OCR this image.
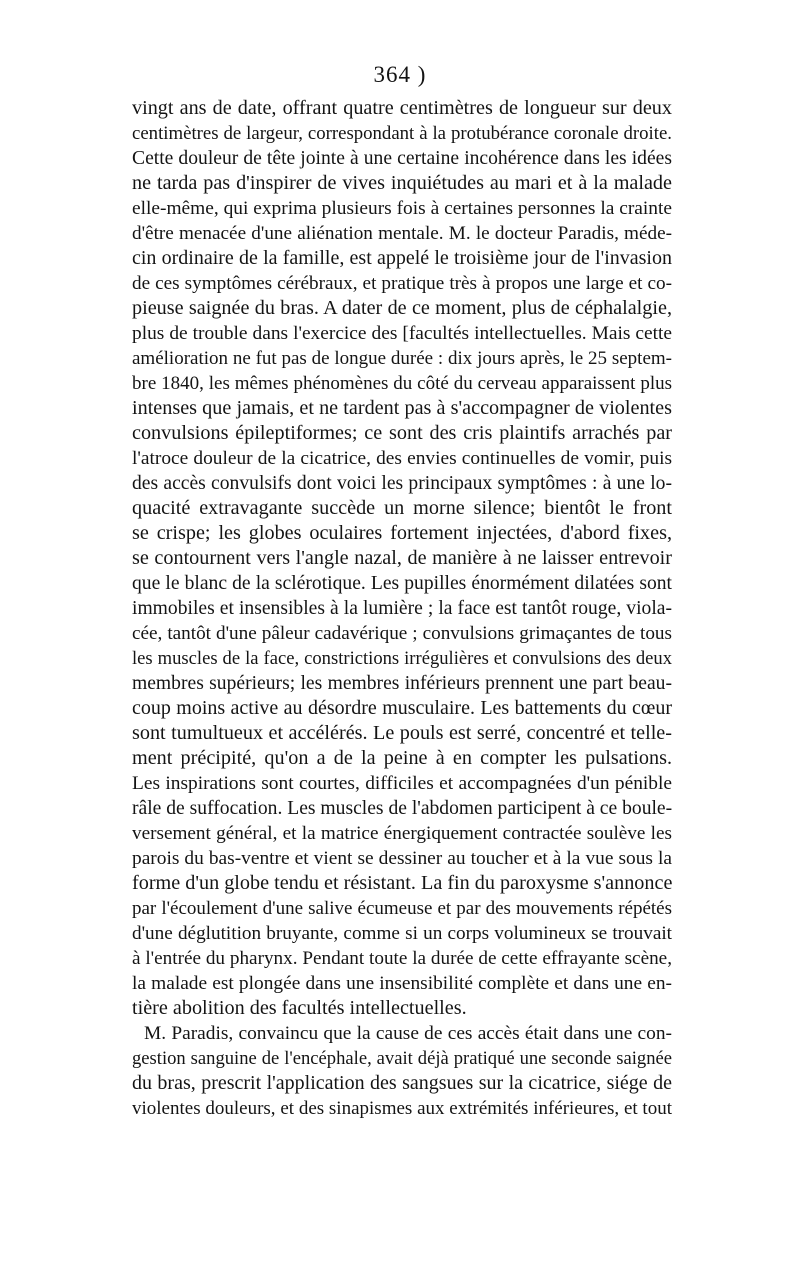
364 )
vingt ans de date, offrant quatre centimètres de longueur sur deux
centimètres de largeur, correspondant à la protubérance coronale droite.
Cette douleur de tête jointe à une certaine incohérence dans les idées
ne tarda pas d'inspirer de vives inquiétudes au mari et à la malade
elle-même, qui exprima plusieurs fois à certaines personnes la crainte
d'être menacée d'une aliénation mentale. M. le docteur Paradis, méde-
cin ordinaire de la famille, est appelé le troisième jour de l'invasion
de ces symptômes cérébraux, et pratique très à propos une large et co-
pieuse saignée du bras. A dater de ce moment, plus de céphalalgie,
plus de trouble dans l'exercice des [facultés intellectuelles. Mais cette
amélioration ne fut pas de longue durée : dix jours après, le 25 septem-
bre 1840, les mêmes phénomènes du côté du cerveau apparaissent plus
intenses que jamais, et ne tardent pas à s'accompagner de violentes
convulsions épileptiformes; ce sont des cris plaintifs arrachés par
l'atroce douleur de la cicatrice, des envies continuelles de vomir, puis
des accès convulsifs dont voici les principaux symptômes : à une lo-
quacité extravagante succède un morne silence; bientôt le front
se crispe; les globes oculaires fortement injectées, d'abord fixes,
se contournent vers l'angle nazal, de manière à ne laisser entrevoir
que le blanc de la sclérotique. Les pupilles énormément dilatées sont
immobiles et insensibles à la lumière ; la face est tantôt rouge, viola-
cée, tantôt d'une pâleur cadavérique ; convulsions grimaçantes de tous
les muscles de la face, constrictions irrégulières et convulsions des deux
membres supérieurs; les membres inférieurs prennent une part beau-
coup moins active au désordre musculaire. Les battements du cœur
sont tumultueux et accélérés. Le pouls est serré, concentré et telle-
ment précipité, qu'on a de la peine à en compter les pulsations.
Les inspirations sont courtes, difficiles et accompagnées d'un pénible
râle de suffocation. Les muscles de l'abdomen participent à ce boule-
versement général, et la matrice énergiquement contractée soulève les
parois du bas-ventre et vient se dessiner au toucher et à la vue sous la
forme d'un globe tendu et résistant. La fin du paroxysme s'annonce
par l'écoulement d'une salive écumeuse et par des mouvements répétés
d'une déglutition bruyante, comme si un corps volumineux se trouvait
à l'entrée du pharynx. Pendant toute la durée de cette effrayante scène,
la malade est plongée dans une insensibilité complète et dans une en-
tière abolition des facultés intellectuelles.
M. Paradis, convaincu que la cause de ces accès était dans une con-
gestion sanguine de l'encéphale, avait déjà pratiqué une seconde saignée
du bras, prescrit l'application des sangsues sur la cicatrice, siége de
violentes douleurs, et des sinapismes aux extrémités inférieures, et tout
